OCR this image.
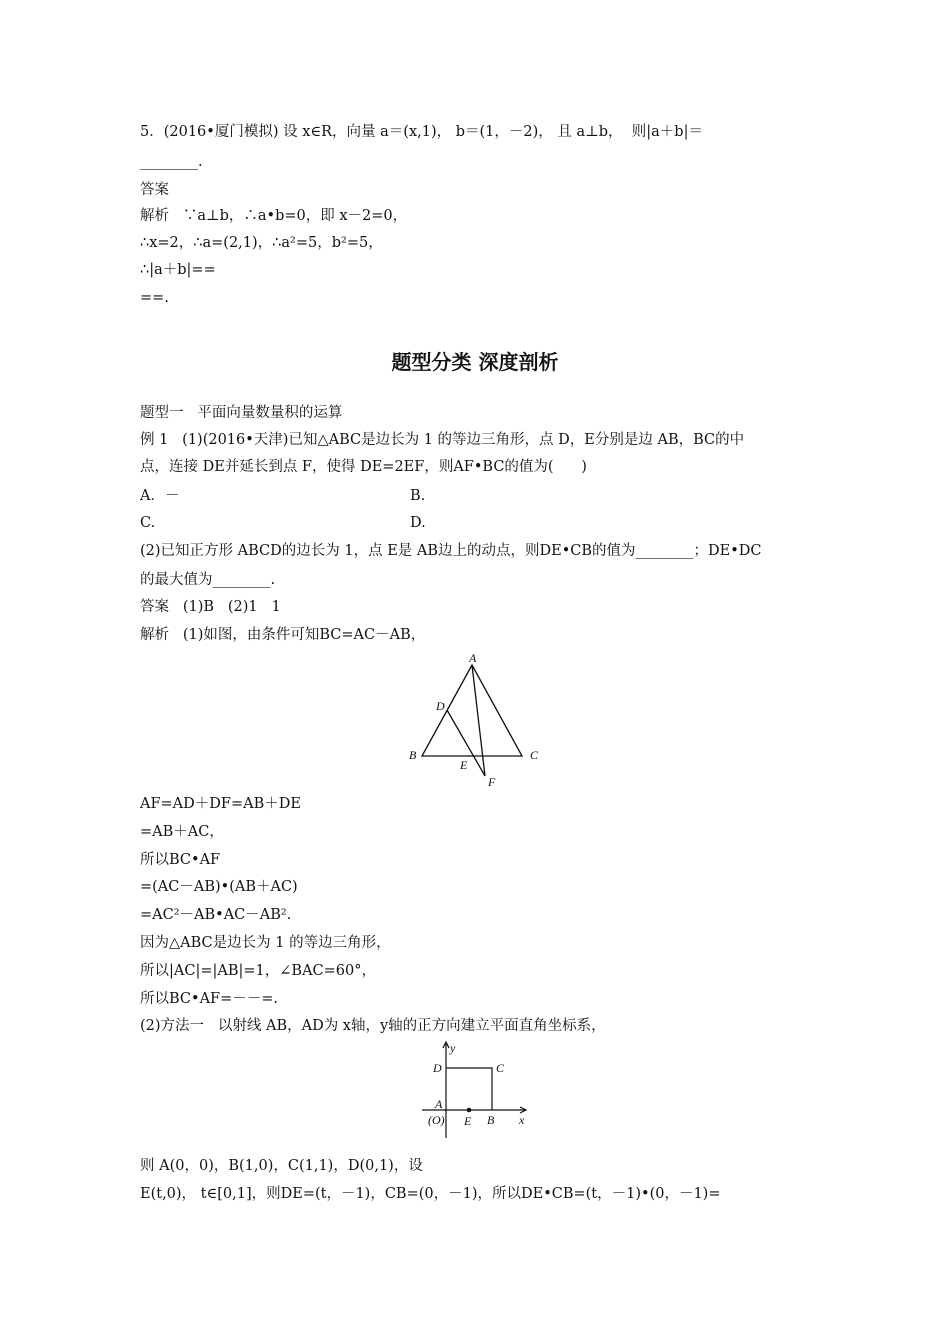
5．(2016•厦门模拟) 设 x∈R，向量 a＝(x,1)， b＝(1，－2)， 且 a⊥b，  则|a＋b|＝
________.
答案
解析   ∵a⊥b，∴a•b=0，即 x－2=0，
∴x=2，∴a=(2,1)，∴a²=5，b²=5，
∴|a＋b|==
==.
题型分类 深度剖析
题型一   平面向量数量积的运算
例 1   (1)(2016•天津)已知△ABC是边长为 1 的等边三角形，点 D，E分别是边 AB，BC的中
点，连接 DE并延长到点 F，使得 DE=2EF，则AF•BC的值为(      )
A．－	B.
C.	D.
(2)已知正方形 ABCD的边长为 1，点 E是 AB边上的动点，则DE•CB的值为________；DE•DC
的最大值为________.
答案   (1)B   (2)1   1
解析   (1)如图，由条件可知BC=AC－AB，
A
D
B	C
E
F
AF=AD＋DF=AB＋DE
=AB＋AC，
所以BC•AF
=(AC－AB)•(AB＋AC)
=AC²－AB•AC－AB².
因为△ABC是边长为 1 的等边三角形，
所以|AC|=|AB|=1，∠BAC=60°，
所以BC•AF=－－=.
(2)方法一   以射线 AB，AD为 x轴，y轴的正方向建立平面直角坐标系，
y
x
D	C
A
(O) E B
则 A(0，0)，B(1,0)，C(1,1)，D(0,1)，设
E(t,0)， t∈[0,1]，则DE=(t，－1)，CB=(0，－1)，所以DE•CB=(t，－1)•(0，－1)=
